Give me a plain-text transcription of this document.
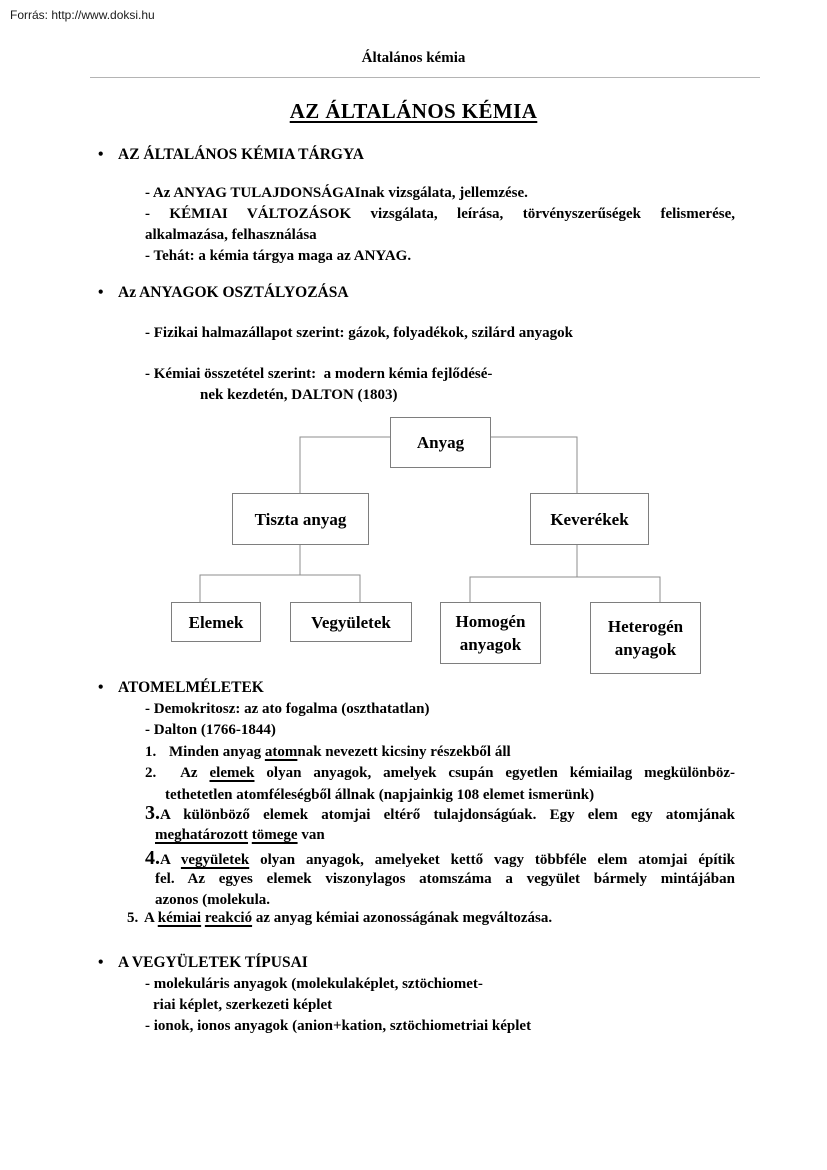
Forrás: http://www.doksi.hu
Általános kémia
AZ ÁLTALÁNOS KÉMIA
• AZ ÁLTALÁNOS KÉMIA TÁRGYA
- Az ANYAG TULAJDONSÁGAInak vizsgálata, jellemzése.
- KÉMIAI VÁLTOZÁSOK vizsgálata, leírása, törvényszerűségek felismerése,
alkalmazása, felhasználása
- Tehát: a kémia tárgya maga az ANYAG.
• Az ANYAGOK OSZTÁLYOZÁSA
- Fizikai halmazállapot szerint: gázok, folyadékok, szilárd anyagok
- Kémiai összetétel szerint:  a modern kémia fejlődésé-
nek kezdetén, DALTON (1803)
Anyag
Tiszta anyag	Keverékek
Elemek	Vegyületek	Homogén anyagok
Heterogén anyagok
• ATOMELMÉLETEK
- Demokritosz: az ato fogalma (oszthatatlan)
- Dalton (1766-1844)
1. Minden anyag atomnak nevezett kicsiny részekből áll
2. Az elemek olyan anyagok, amelyek csupán egyetlen kémiailag megkülönböz-
tethetetlen atomféleségből állnak (napjainkig 108 elemet ismerünk)
3.A különböző elemek atomjai eltérő tulajdonságúak. Egy elem egy atomjának
meghatározott tömege van
4.A vegyületek olyan anyagok, amelyeket kettő vagy többféle elem atomjai építik
fel. Az egyes elemek viszonylagos atomszáma a vegyület bármely mintájában
azonos (molekula.
5. A kémiai reakció az anyag kémiai azonosságának megváltozása.
• A VEGYÜLETEK TÍPUSAI
- molekuláris anyagok (molekulaképlet, sztöchiomet-
riai képlet, szerkezeti képlet
- ionok, ionos anyagok (anion+kation, sztöchiometriai képlet
